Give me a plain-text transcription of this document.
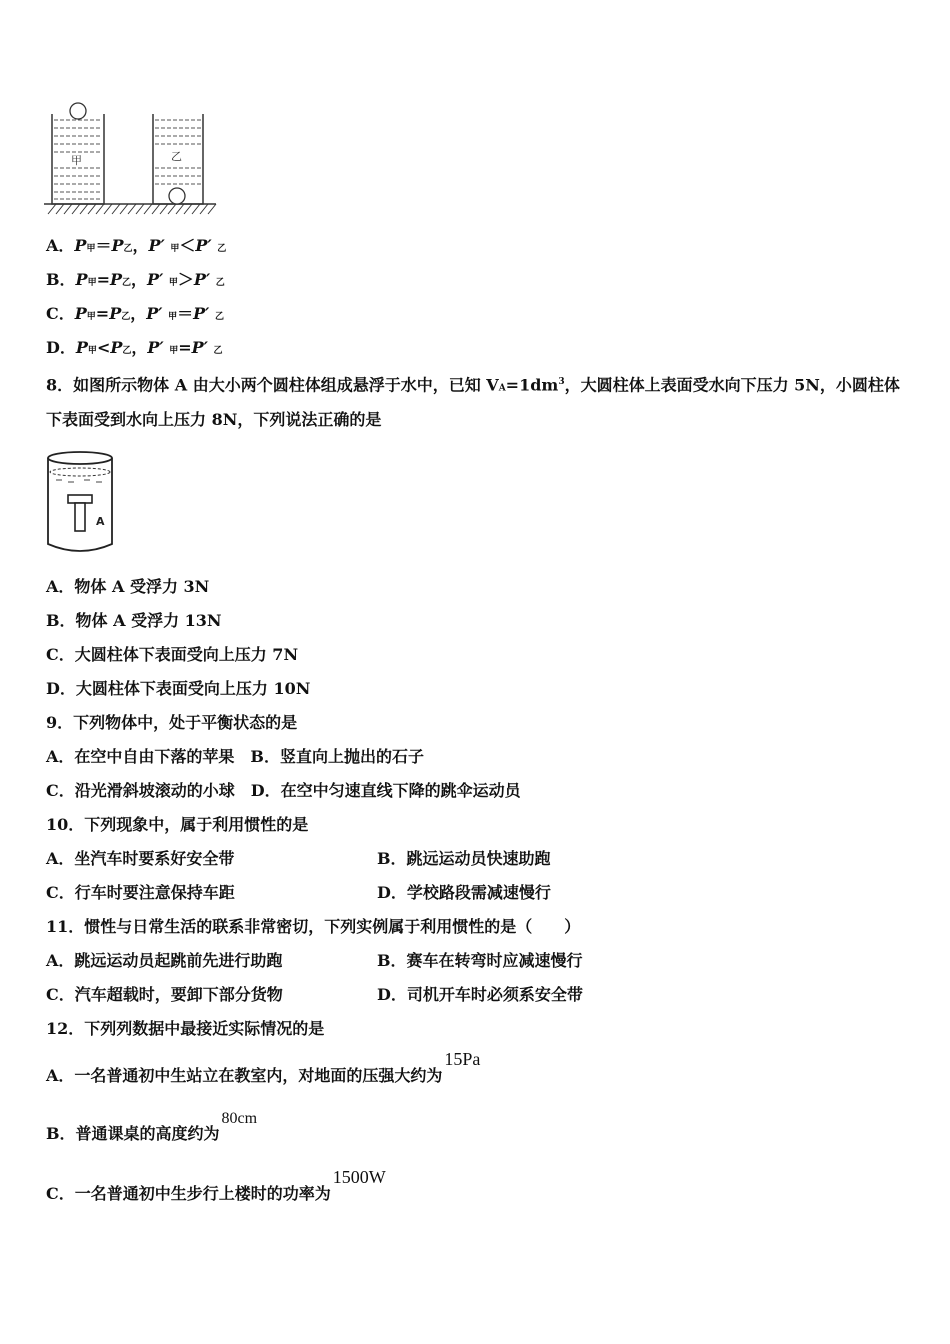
甲	乙
A．P甲＝P乙，P′ 甲＜P′ 乙
B．P甲=P乙，P′ 甲＞P′ 乙
C．P甲=P乙，P′ 甲＝P′ 乙
D．P甲<P乙，P′ 甲=P′ 乙
8．如图所示物体 A 由大小两个圆柱体组成悬浮于水中，已知 $VA=1dm^3$，大圆柱体上表面受水向下压力 5N，小圆柱体
下表面受到水向上压力 8N，下列说法正确的是
A
A．物体 A 受浮力 3N
B．物体 A 受浮力 13N
C．大圆柱体下表面受向上压力 7N
D．大圆柱体下表面受向上压力 10N
9．下列物体中，处于平衡状态的是
A．在空中自由下落的苹果　B．竖直向上抛出的石子
C．沿光滑斜坡滚动的小球　D．在空中匀速直线下降的跳伞运动员
10．下列现象中，属于利用惯性的是
A．坐汽车时要系好安全带	B．跳远运动员快速助跑
C．行车时要注意保持车距	D．学校路段需减速慢行
11．惯性与日常生活的联系非常密切，下列实例属于利用惯性的是（　　）
A．跳远运动员起跳前先进行助跑	B．赛车在转弯时应减速慢行
C．汽车超载时，要卸下部分货物	D．司机开车时必须系安全带
12．下列列数据中最接近实际情况的是
A．一名普通初中生站立在教室内，对地面的压强大约为15Pa
B．普通课桌的高度约为80cm
C．一名普通初中生步行上楼时的功率为1500W
